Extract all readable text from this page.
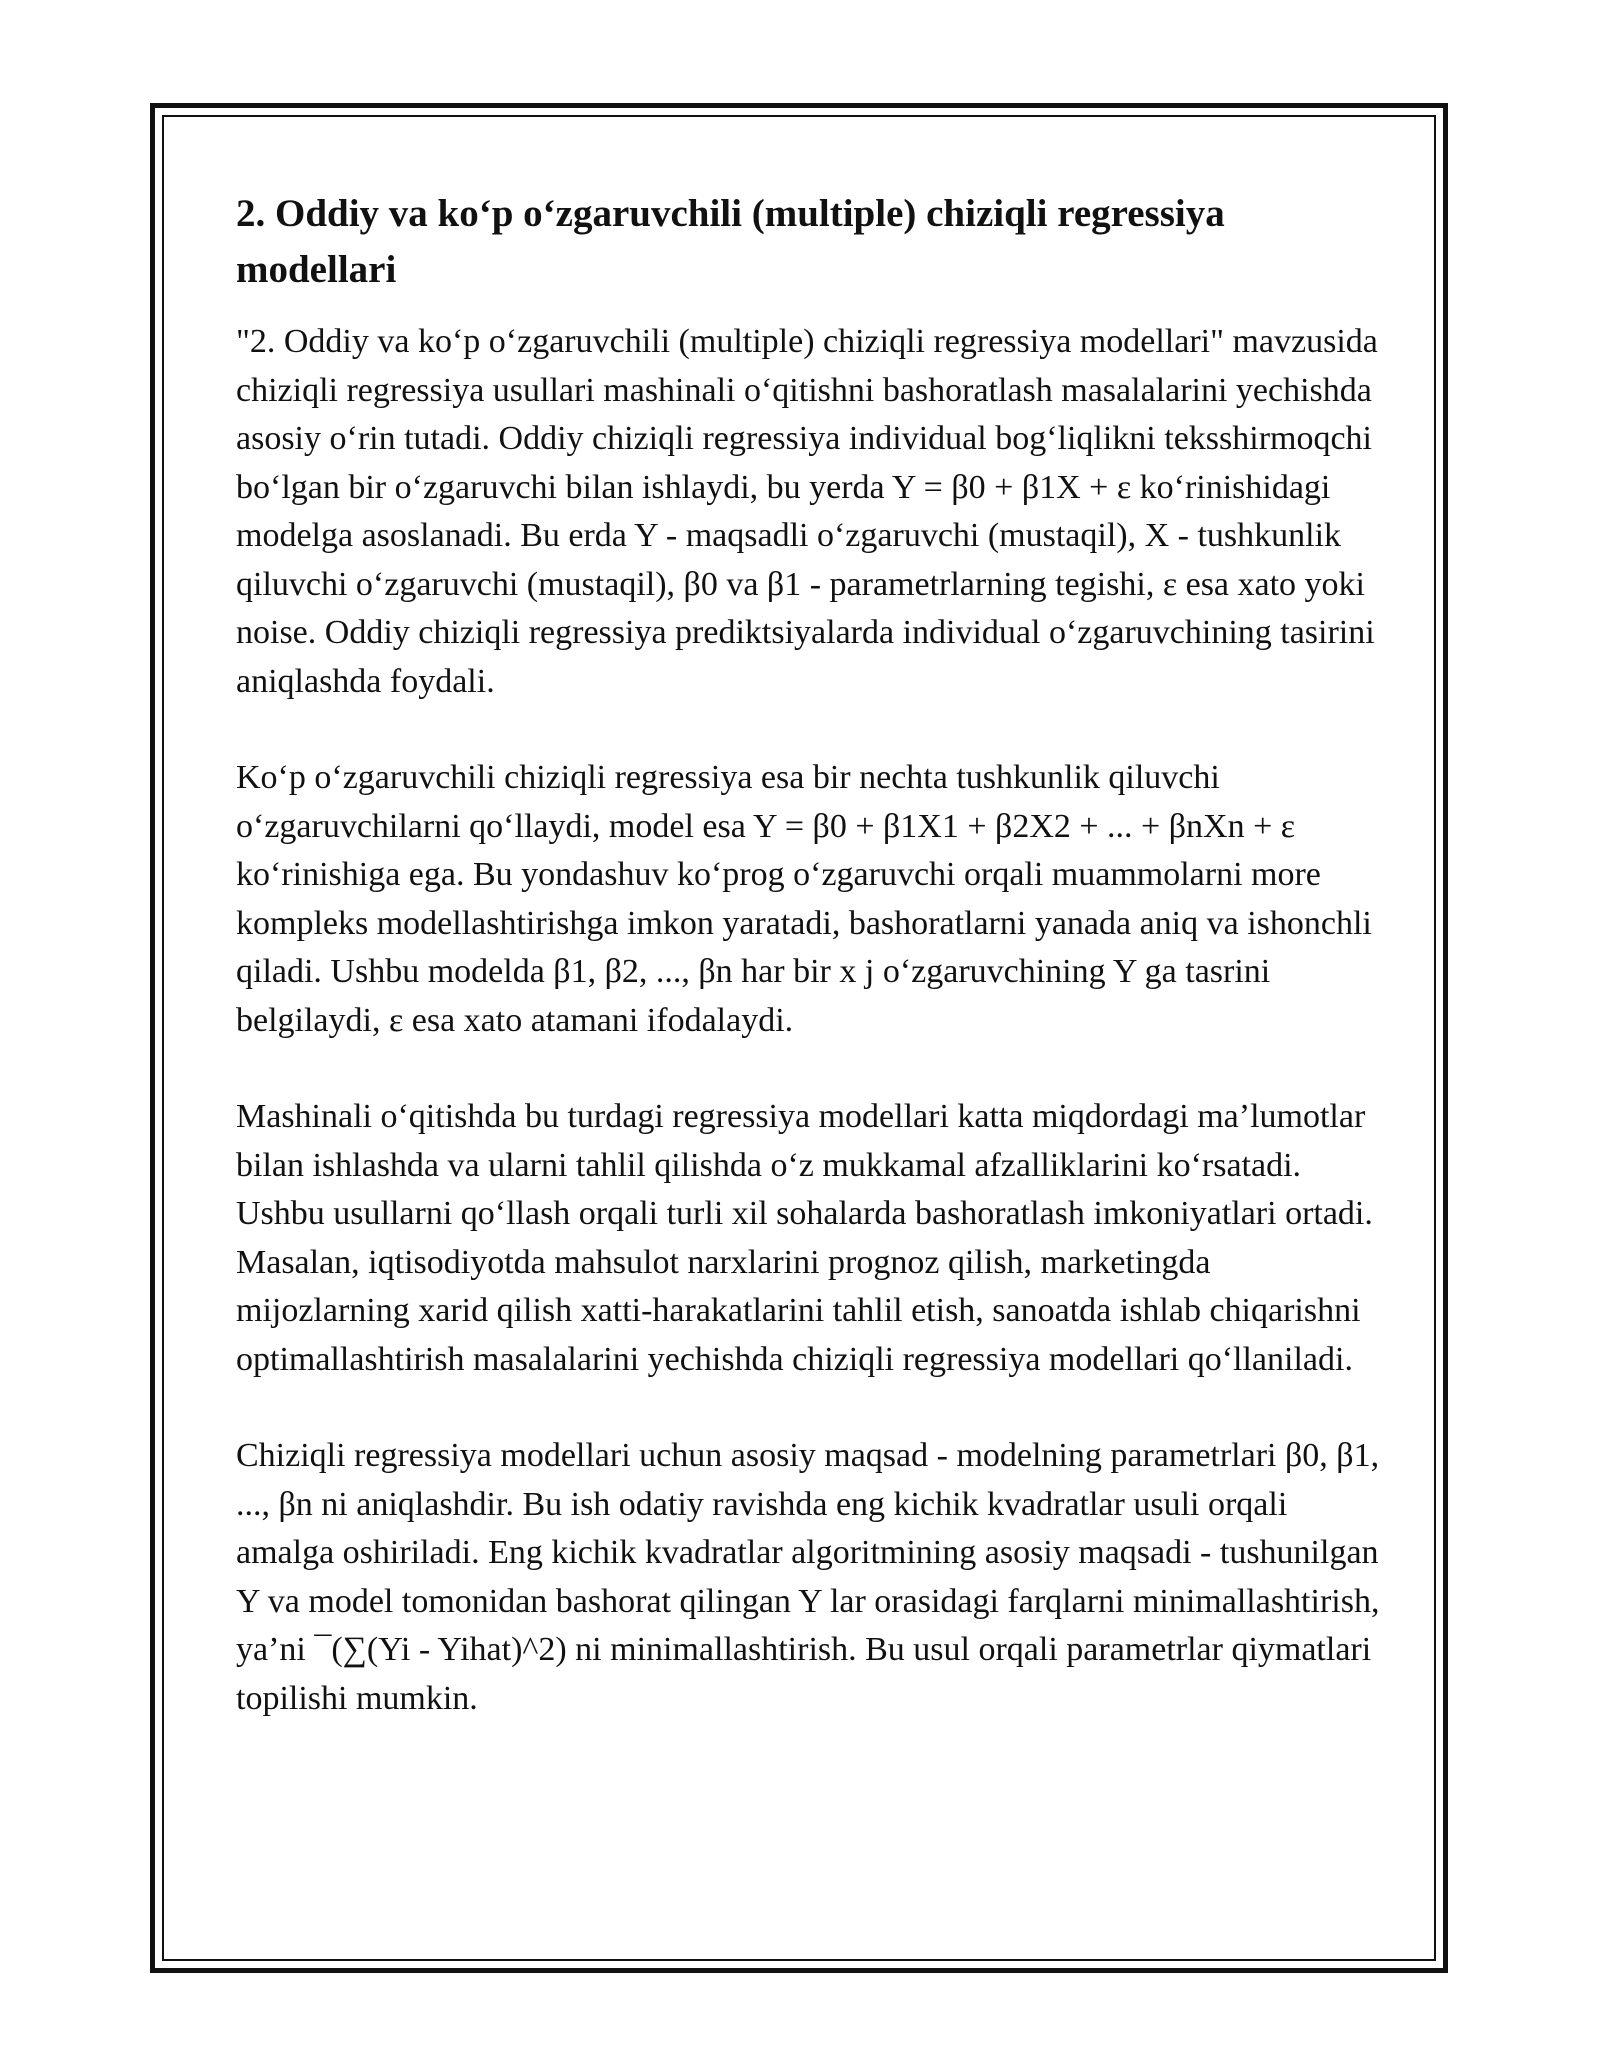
2. Oddiy va ko‘p o‘zgaruvchili (multiple) chiziqli regressiya modellari

"2. Oddiy va ko‘p o‘zgaruvchili (multiple) chiziqli regressiya modellari" mavzusida chiziqli regressiya usullari mashinali o‘qitishni bashoratlash masalalarini yechishda asosiy o‘rin tutadi. Oddiy chiziqli regressiya individual bog‘liqlikni teksshirmoqchi bo‘lgan bir o‘zgaruvchi bilan ishlaydi, bu yerda Y = β0 + β1X + ε ko‘rinishidagi modelga asoslanadi. Bu erda Y - maqsadli o‘zgaruvchi (mustaqil), X - tushkunlik qiluvchi o‘zgaruvchi (mustaqil), β0 va β1 - parametrlarning tegishi, ε esa xato yoki noise. Oddiy chiziqli regressiya prediktsiyalarda individual o‘zgaruvchining tasirini aniqlashda foydali.

Ko‘p o‘zgaruvchili chiziqli regressiya esa bir nechta tushkunlik qiluvchi o‘zgaruvchilarni qo‘llaydi, model esa Y = β0 + β1X1 + β2X2 + ... + βnXn + ε ko‘rinishiga ega. Bu yondashuv ko‘prog o‘zgaruvchi orqali muammolarni more kompleks modellashtirishga imkon yaratadi, bashoratlarni yanada aniq va ishonchli qiladi. Ushbu modelda β1, β2, ..., βn har bir x j o‘zgaruvchining Y ga tasrini belgilaydi, ε esa xato atamani ifodalaydi.

Mashinali o‘qitishda bu turdagi regressiya modellari katta miqdordagi ma’lumotlar bilan ishlashda va ularni tahlil qilishda o‘z mukkamal afzalliklarini ko‘rsatadi. Ushbu usullarni qo‘llash orqali turli xil sohalarda bashoratlash imkoniyatlari ortadi. Masalan, iqtisodiyotda mahsulot narxlarini prognoz qilish, marketingda mijozlarning xarid qilish xatti-harakatlarini tahlil etish, sanoatda ishlab chiqarishni optimallashtirish masalalarini yechishda chiziqli regressiya modellari qo‘llaniladi.

Chiziqli regressiya modellari uchun asosiy maqsad - modelning parametrlari β0, β1, ..., βn ni aniqlashdir. Bu ish odatiy ravishda eng kichik kvadratlar usuli orqali amalga oshiriladi. Eng kichik kvadratlar algoritmining asosiy maqsadi - tushunilgan Y va model tomonidan bashorat qilingan Y lar orasidagi farqlarni minimallashtirish, ya’ni ¯(∑(Yi - Yihat)^2) ni minimallashtirish. Bu usul orqali parametrlar qiymatlari topilishi mumkin.
